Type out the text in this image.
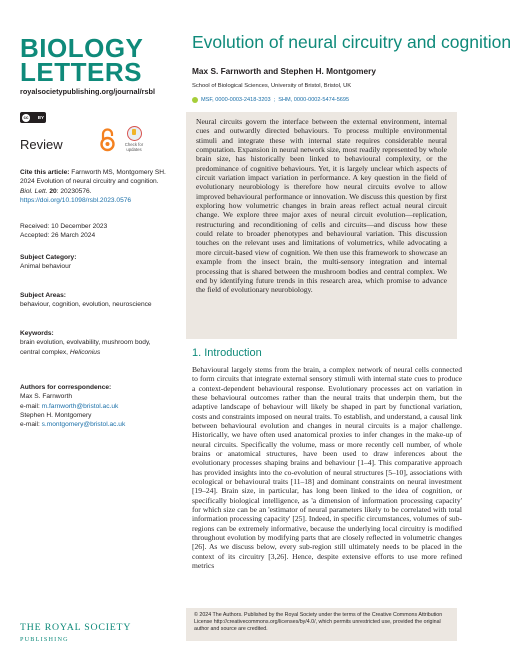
BIOLOGY
LETTERS
royalsocietypublishing.org/journal/rsbl
cc	BY
Review	Check for updates
Cite this article: Farnworth MS, Montgomery SH. 2024 Evolution of neural circuitry and cognition. Biol. Lett. 20: 20230576.
https://doi.org/10.1098/rsbl.2023.0576
Received: 10 December 2023
Accepted: 26 March 2024
Subject Category:
Animal behaviour
Subject Areas:
behaviour, cognition, evolution, neuroscience
Keywords:
brain evolution, evolvability, mushroom body,
central complex, Heliconius
Authors for correspondence:
Max S. Farnworth
e-mail: m.farnworth@bristol.ac.uk
Stephen H. Montgomery
e-mail: s.montgomery@bristol.ac.uk
THE ROYAL SOCIETY
PUBLISHING
Evolution of neural circuitry and cognition
Max S. Farnworth and Stephen H. Montgomery
School of Biological Sciences, University of Bristol, Bristol, UK
MSF, 0000-0003-2418-3203 ; SHM, 0000-0002-5474-5695
Neural circuits govern the interface between the external environment, internal cues and outwardly directed behaviours. To process multiple environmental stimuli and integrate these with internal state requires considerable neural computation. Expansion in neural network size, most readily represented by whole brain size, has historically been linked to behavioural complexity, or the predominance of cognitive behaviours. Yet, it is largely unclear which aspects of circuit variation impact variation in performance. A key question in the field of evolutionary neurobiology is therefore how neural circuits evolve to allow improved behavioural performance or innovation. We discuss this question by first exploring how volumetric changes in brain areas reflect actual neural circuit change. We explore three major axes of neural circuit evolution—replication, restructuring and reconditioning of cells and circuits—and discuss how these could relate to broader phenotypes and behavioural variation. This discussion touches on the relevant uses and limitations of volumetrics, while advocating a more circuit-based view of cognition. We then use this framework to showcase an example from the insect brain, the multi-sensory integration and internal processing that is shared between the mushroom bodies and central complex. We end by identifying future trends in this research area, which promise to advance the field of evolutionary neurobiology.
1. Introduction
Behavioural largely stems from the brain, a complex network of neural cells connected to form circuits that integrate external sensory stimuli with internal state cues to produce a context-dependent behavioural response. Evolutionary processes act on variation in these behavioural outcomes rather than the neural traits that underpin them, but the adaptive landscape of behaviour will likely be shaped in part by functional variation, costs and constraints imposed on neural traits. To establish, and understand, a causal link between behavioural evolution and changes in neural circuits is a major challenge. Historically, we have often used anatomical proxies to infer changes in the make-up of neural circuits. Specifically the volume, mass or more recently cell number, of whole brains or anatomical structures, have been used to draw inferences about the evolutionary processes shaping brains and behaviour [1–4]. This comparative approach has provided insights into the co-evolution of neural structures [5–10], associations with ecological or behavioural traits [11–18] and dominant constraints on neural investment [19–24]. Brain size, in particular, has long been linked to the idea of cognition, or specifically biological intelligence, as 'a dimension of information processing capacity' for which size can be an 'estimator of neural parameters likely to be correlated with total information processing capacity' [25]. Indeed, in specific circumstances, volumes of sub-regions can be extremely informative, because the underlying local circuitry is modified throughout evolution by modifying parts that are closely reflected in volumetric changes [26]. As we discuss below, every sub-region still ultimately needs to be placed in the context of its circuitry [3,26]. Hence, despite extensive efforts to use more refined metrics
© 2024 The Authors. Published by the Royal Society under the terms of the Creative Commons Attribution License http://creativecommons.org/licenses/by/4.0/, which permits unrestricted use, provided the original author and source are credited.
